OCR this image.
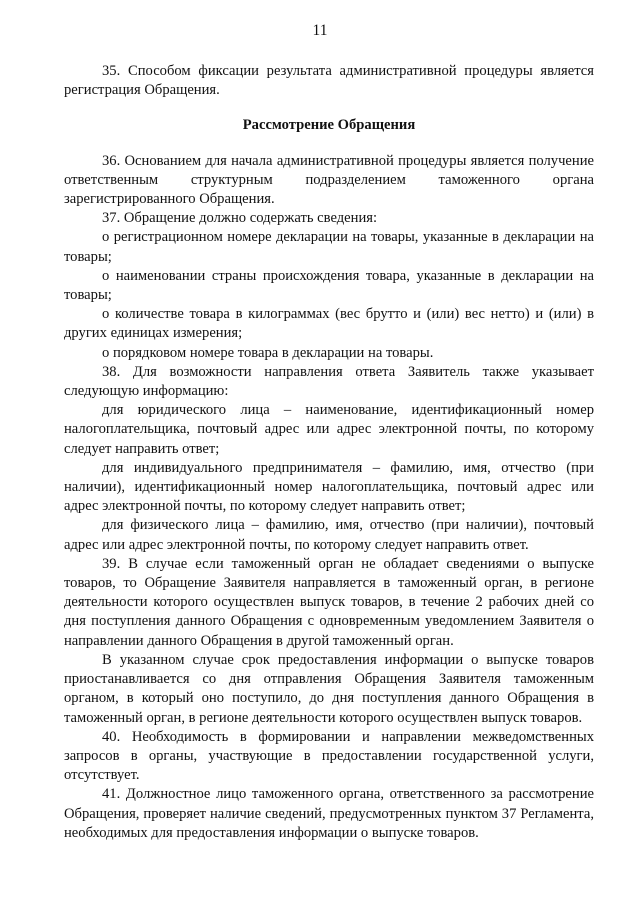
11

35. Способом фиксации результата административной процедуры является регистрация Обращения.

Рассмотрение Обращения

36. Основанием для начала административной процедуры является получение ответственным структурным подразделением таможенного органа зарегистрированного Обращения.

37. Обращение должно содержать сведения:

о регистрационном номере декларации на товары, указанные в декларации на товары;

о наименовании страны происхождения товара, указанные в декларации на товары;

о количестве товара в килограммах (вес брутто и (или) вес нетто) и (или) в других единицах измерения;

о порядковом номере товара в декларации на товары.

38. Для возможности направления ответа Заявитель также указывает следующую информацию:

для юридического лица – наименование, идентификационный номер налогоплательщика, почтовый адрес или адрес электронной почты, по которому следует направить ответ;

для индивидуального предпринимателя – фамилию, имя, отчество (при наличии), идентификационный номер налогоплательщика, почтовый адрес или адрес электронной почты, по которому следует направить ответ;

для физического лица – фамилию, имя, отчество (при наличии), почтовый адрес или адрес электронной почты, по которому следует направить ответ.

39. В случае если таможенный орган не обладает сведениями о выпуске товаров, то Обращение Заявителя направляется в таможенный орган, в регионе деятельности которого осуществлен выпуск товаров, в течение 2 рабочих дней со дня поступления данного Обращения с одновременным уведомлением Заявителя о направлении данного Обращения в другой таможенный орган.

В указанном случае срок предоставления информации о выпуске товаров приостанавливается со дня отправления Обращения Заявителя таможенным органом, в который оно поступило, до дня поступления данного Обращения в таможенный орган, в регионе деятельности которого осуществлен выпуск товаров.

40. Необходимость в формировании и направлении межведомственных запросов в органы, участвующие в предоставлении государственной услуги, отсутствует.

41. Должностное лицо таможенного органа, ответственного за рассмотрение Обращения, проверяет наличие сведений, предусмотренных пунктом 37 Регламента, необходимых для предоставления информации о выпуске товаров.
